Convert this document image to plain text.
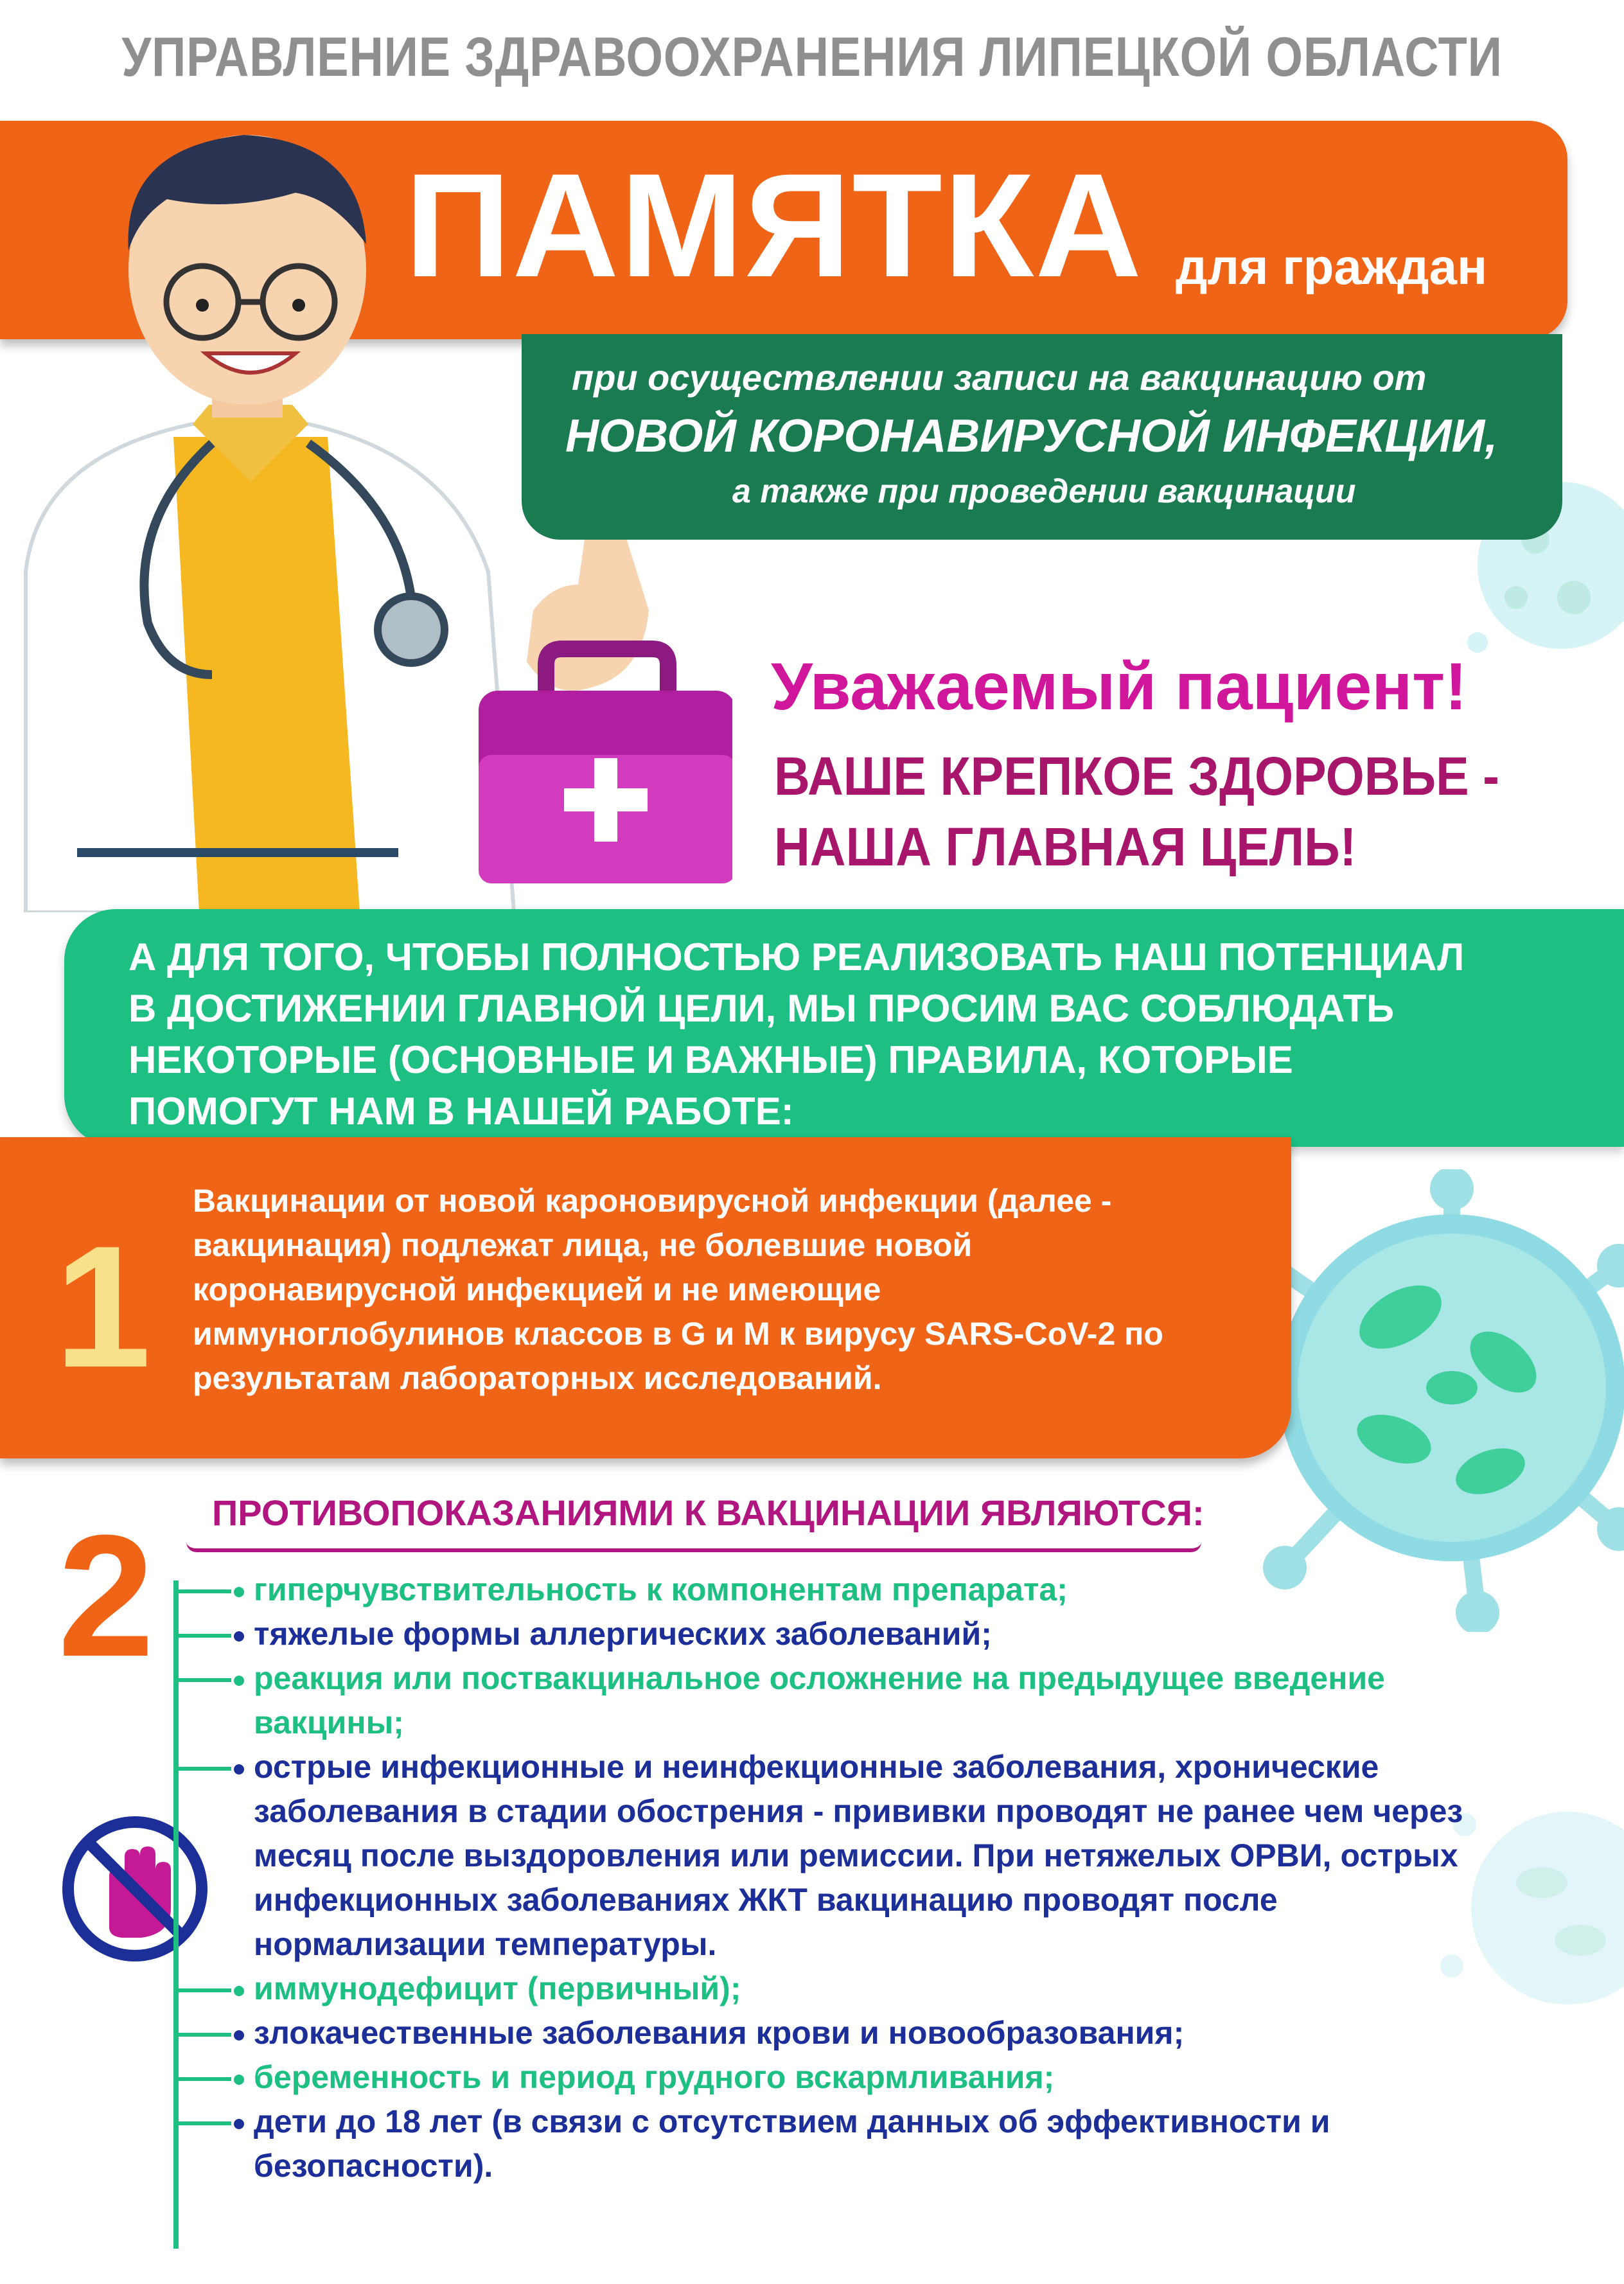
УПРАВЛЕНИЕ ЗДРАВООХРАНЕНИЯ ЛИПЕЦКОЙ ОБЛАСТИ
ПАМЯТКА для граждан
при осуществлении записи на вакцинацию от
НОВОЙ КОРОНАВИРУСНОЙ ИНФЕКЦИИ,
а также при проведении вакцинации
Уважаемый пациент!
ВАШЕ КРЕПКОЕ ЗДОРОВЬЕ -
НАША ГЛАВНАЯ ЦЕЛЬ!
А ДЛЯ ТОГО, ЧТОБЫ ПОЛНОСТЬЮ РЕАЛИЗОВАТЬ НАШ ПОТЕНЦИАЛ В ДОСТИЖЕНИИ ГЛАВНОЙ ЦЕЛИ, МЫ ПРОСИМ ВАС СОБЛЮДАТЬ НЕКОТОРЫЕ (ОСНОВНЫЕ И ВАЖНЫЕ) ПРАВИЛА, КОТОРЫЕ ПОМОГУТ НАМ В НАШЕЙ РАБОТЕ:
1
Вакцинации от новой кароновирусной инфекции (далее - вакцинация) подлежат лица, не болевшие новой коронавирусной инфекцией и не имеющие иммуноглобулинов классов в G и M к вирусу SARS-CoV-2 по результатам лабораторных исследований.
2 ПРОТИВОПОКАЗАНИЯМИ К ВАКЦИНАЦИИ ЯВЛЯЮТСЯ:
гиперчувствительность к компонентам препарата;
тяжелые формы аллергических заболеваний;
реакция или поствакцинальное осложнение на предыдущее введение вакцины;
острые инфекционные и неинфекционные заболевания, хронические заболевания в стадии обострения - прививки проводят не ранее чем через месяц после выздоровления или ремиссии. При нетяжелых ОРВИ, острых инфекционных заболеваниях ЖКТ вакцинацию проводят после нормализации температуры.
иммунодефицит (первичный);
злокачественные заболевания крови и новообразования;
беременность и период грудного вскармливания;
дети до 18 лет (в связи с отсутствием данных об эффективности и безопасности).
